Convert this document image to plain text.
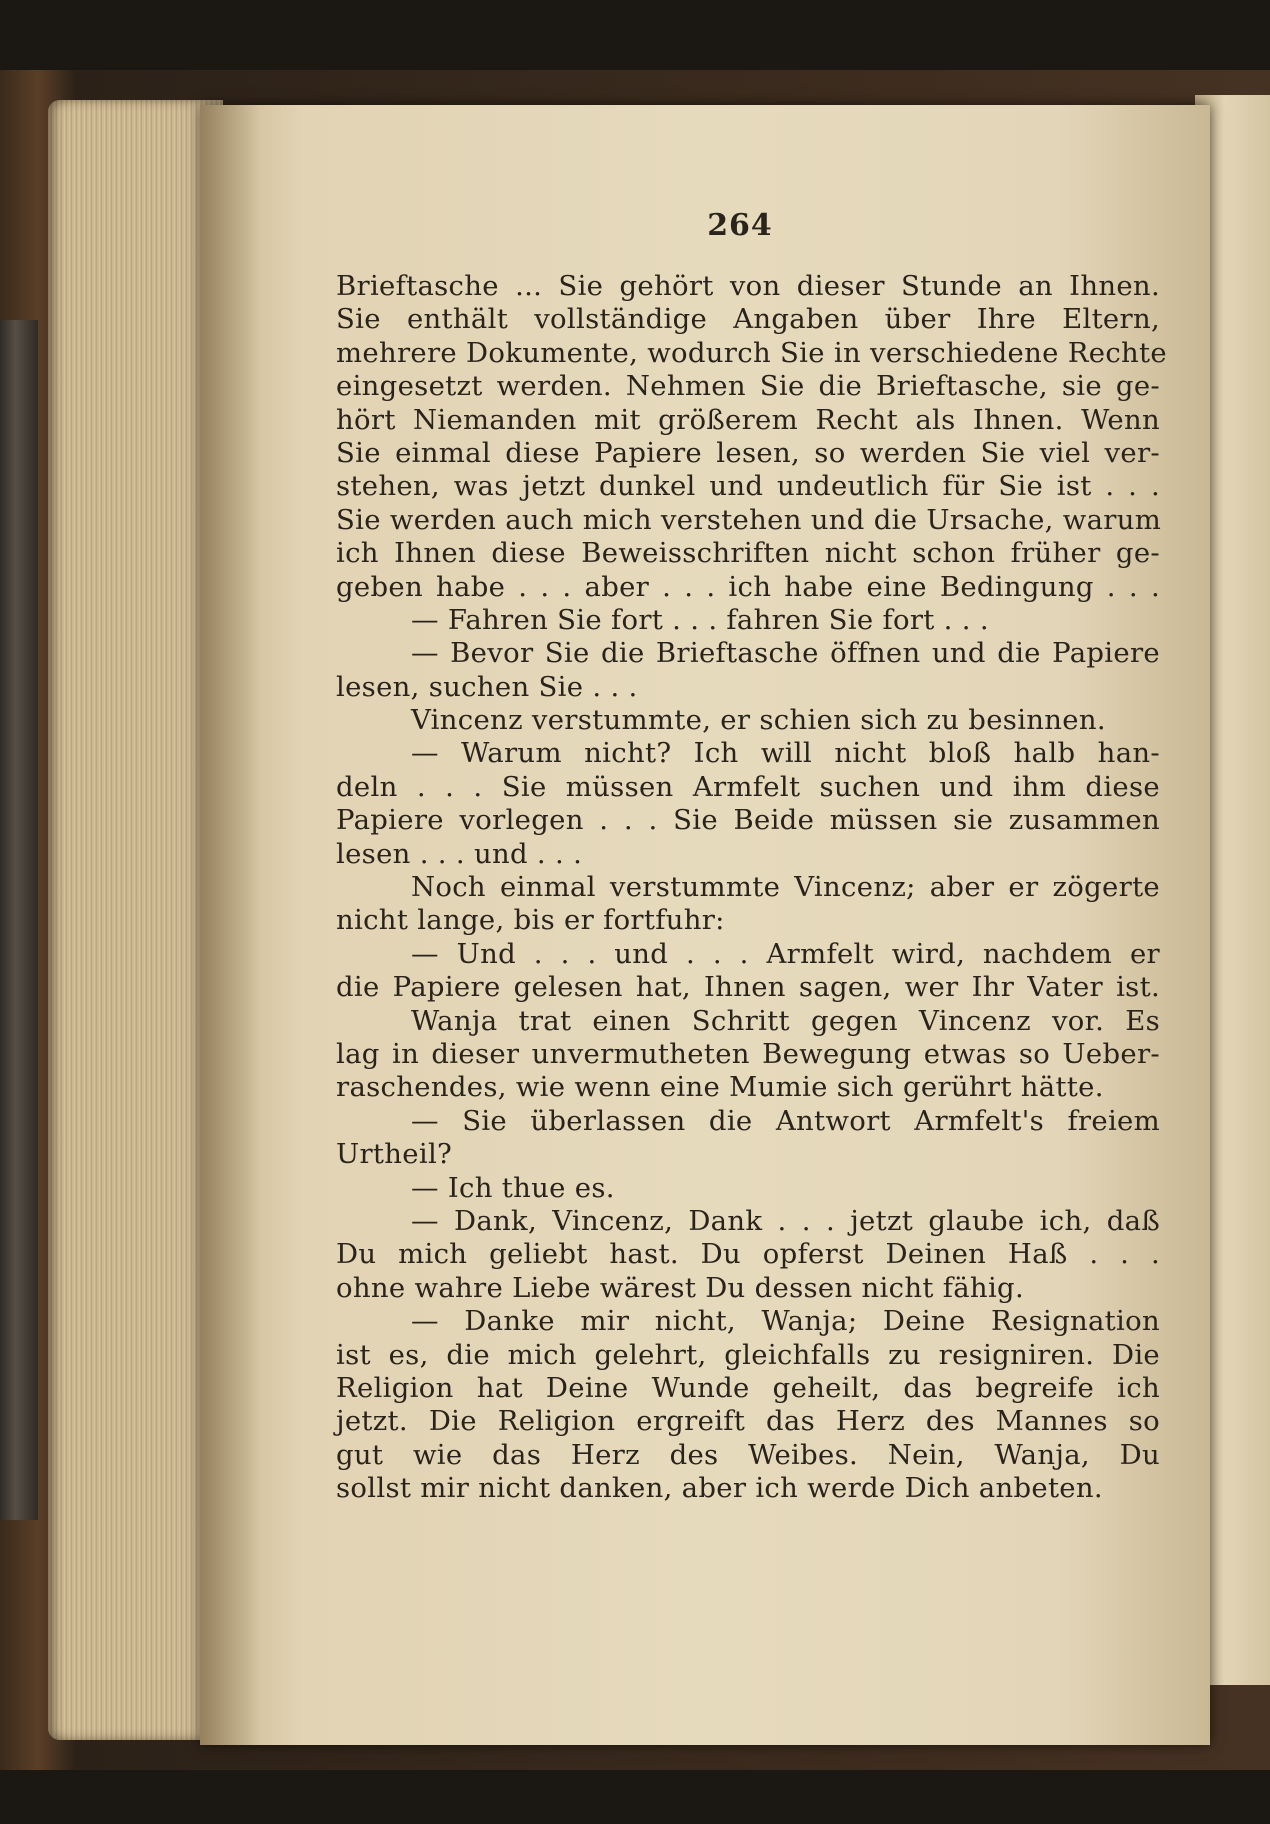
264
Brieftasche ... Sie gehört von dieser Stunde an Ihnen.
Sie enthält vollständige Angaben über Ihre Eltern,
mehrere Dokumente, wodurch Sie in verschiedene Rechte
eingesetzt werden. Nehmen Sie die Brieftasche, sie ge-
hört Niemanden mit größerem Recht als Ihnen. Wenn
Sie einmal diese Papiere lesen, so werden Sie viel ver-
stehen, was jetzt dunkel und undeutlich für Sie ist . . .
Sie werden auch mich verstehen und die Ursache, warum
ich Ihnen diese Beweisschriften nicht schon früher ge-
geben habe . . . aber . . . ich habe eine Bedingung . . .
— Fahren Sie fort . . . fahren Sie fort . . .
— Bevor Sie die Brieftasche öffnen und die Papiere
lesen, suchen Sie . . .
Vincenz verstummte, er schien sich zu besinnen.
— Warum nicht? Ich will nicht bloß halb han-
deln . . . Sie müssen Armfelt suchen und ihm diese
Papiere vorlegen . . . Sie Beide müssen sie zusammen
lesen . . . und . . .
Noch einmal verstummte Vincenz; aber er zögerte
nicht lange, bis er fortfuhr:
— Und . . . und . . . Armfelt wird, nachdem er
die Papiere gelesen hat, Ihnen sagen, wer Ihr Vater ist.
Wanja trat einen Schritt gegen Vincenz vor. Es
lag in dieser unvermutheten Bewegung etwas so Ueber-
raschendes, wie wenn eine Mumie sich gerührt hätte.
— Sie überlassen die Antwort Armfelt's freiem
Urtheil?
— Ich thue es.
— Dank, Vincenz, Dank . . . jetzt glaube ich, daß
Du mich geliebt hast. Du opferst Deinen Haß . . .
ohne wahre Liebe wärest Du dessen nicht fähig.
— Danke mir nicht, Wanja; Deine Resignation
ist es, die mich gelehrt, gleichfalls zu resigniren. Die
Religion hat Deine Wunde geheilt, das begreife ich
jetzt. Die Religion ergreift das Herz des Mannes so
gut wie das Herz des Weibes. Nein, Wanja, Du
sollst mir nicht danken, aber ich werde Dich anbeten.
